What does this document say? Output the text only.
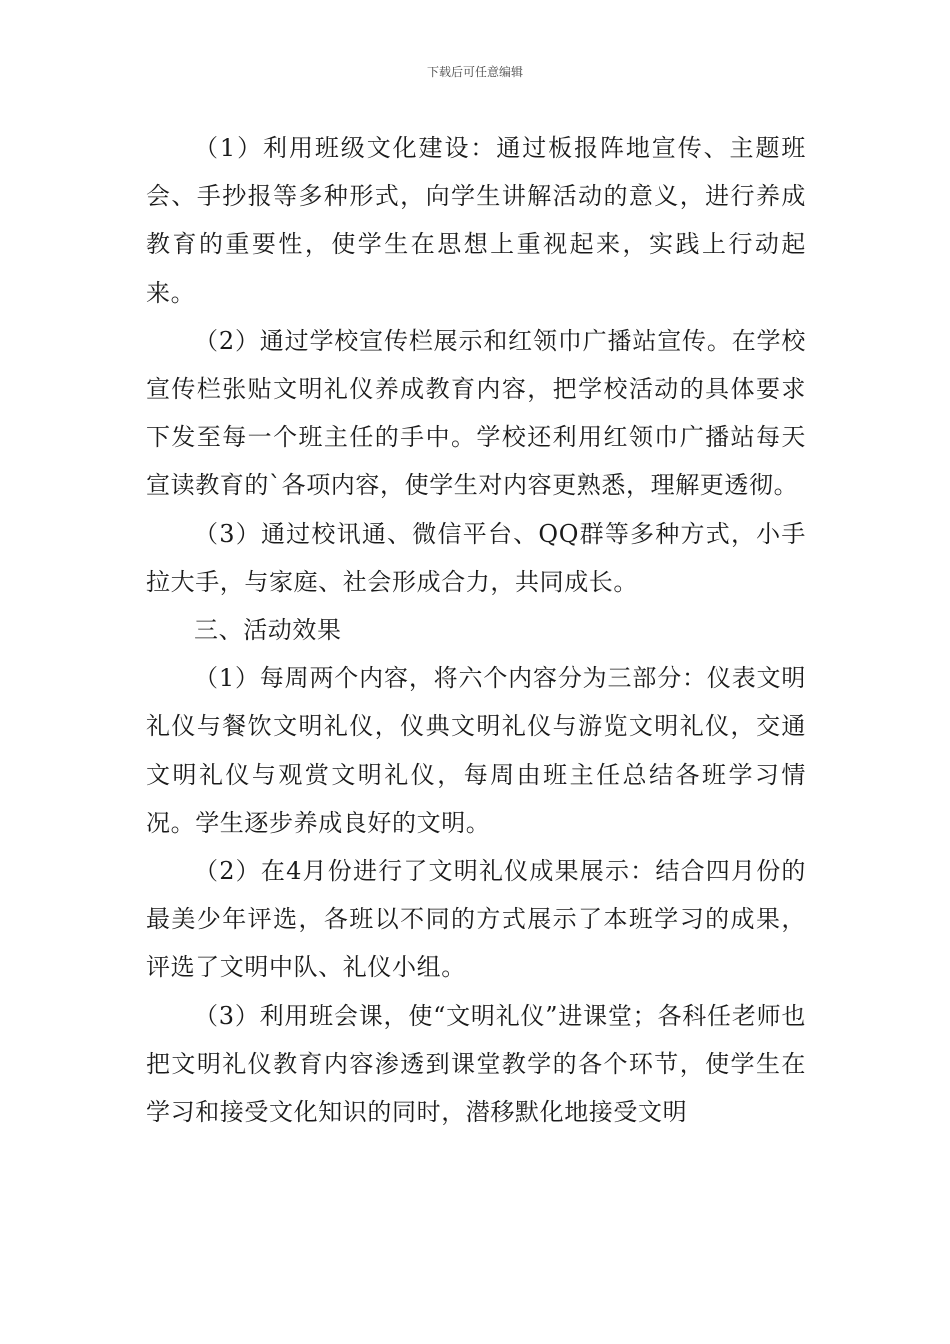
下载后可任意编辑

（1）利用班级文化建设：通过板报阵地宣传、主题班会、手抄报等多种形式，向学生讲解活动的意义，进行养成教育的重要性，使学生在思想上重视起来，实践上行动起来。

（2）通过学校宣传栏展示和红领巾广播站宣传。在学校宣传栏张贴文明礼仪养成教育内容，把学校活动的具体要求下发至每一个班主任的手中。学校还利用红领巾广播站每天宣读教育的`各项内容，使学生对内容更熟悉，理解更透彻。

（3）通过校讯通、微信平台、QQ群等多种方式，小手拉大手，与家庭、社会形成合力，共同成长。

三、活动效果

（1）每周两个内容，将六个内容分为三部分：仪表文明礼仪与餐饮文明礼仪，仪典文明礼仪与游览文明礼仪，交通文明礼仪与观赏文明礼仪，每周由班主任总结各班学习情况。学生逐步养成良好的文明。

（2）在4月份进行了文明礼仪成果展示：结合四月份的最美少年评选，各班以不同的方式展示了本班学习的成果，评选了文明中队、礼仪小组。

（3）利用班会课，使“文明礼仪”进课堂；各科任老师也把文明礼仪教育内容渗透到课堂教学的各个环节，使学生在学习和接受文化知识的同时，潜移默化地接受文明
